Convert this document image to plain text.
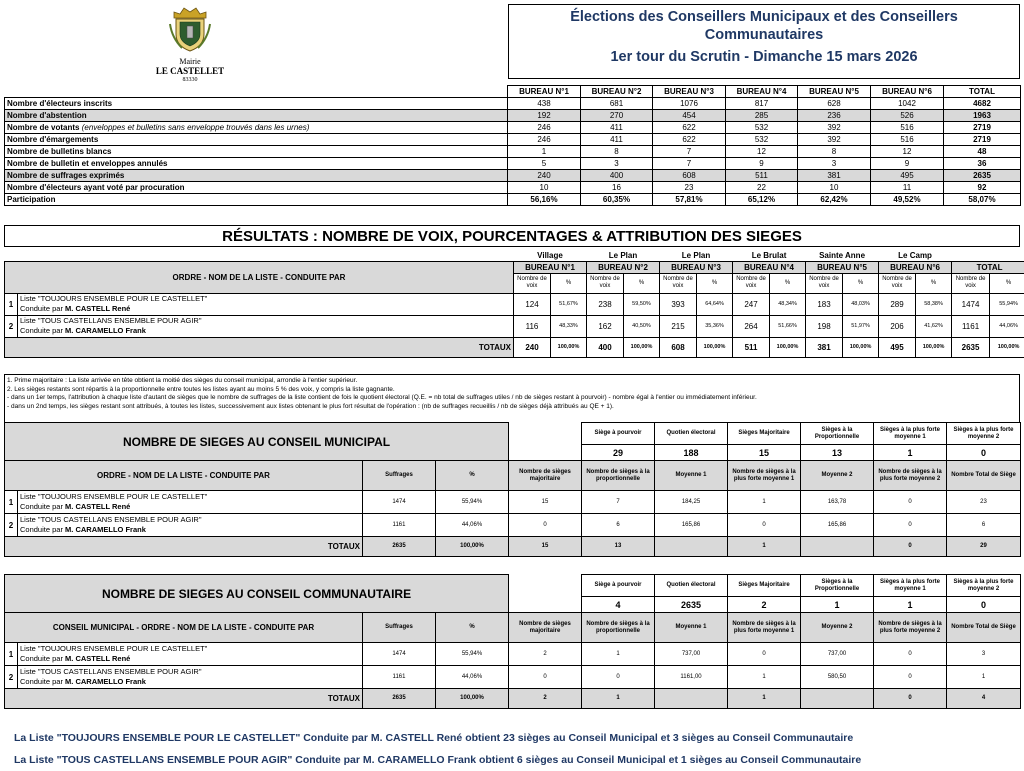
Mairie
LE CASTELLET
83330
Élections des Conseillers Municipaux et des Conseillers
Communautaires
1er tour du Scrutin - Dimanche 15 mars 2026
	BUREAU N°1	BUREAU N°2	BUREAU N°3	BUREAU N°4	BUREAU N°5	BUREAU N°6	TOTAL
Nombre d'électeurs inscrits	438	681	1076	817	628	1042	4682
Nombre d'abstention	192	270	454	285	236	526	1963
Nombre de votants (enveloppes et bulletins sans enveloppe trouvés dans les urnes)	246	411	622	532	392	516	2719
Nombre d'émargements	246	411	622	532	392	516	2719
Nombre de bulletins blancs	1	8	7	12	8	12	48
Nombre de bulletin et enveloppes annulés	5	3	7	9	3	9	36
Nombre de suffrages exprimés	240	400	608	511	381	495	2635
Nombre d'électeurs ayant voté par procuration	10	16	23	22	10	11	92
Participation	56,16%	60,35%	57,81%	65,12%	62,42%	49,52%	58,07%
RÉSULTATS : NOMBRE DE VOIX, POURCENTAGES & ATTRIBUTION DES SIEGES
		Village		Le Plan		Le Plan		Le Brulat		Sainte Anne		Le Camp			
ORDRE - NOM DE LA LISTE - CONDUITE PAR		BUREAU N°1		BUREAU N°2		BUREAU N°3		BUREAU N°4		BUREAU N°5		BUREAU N°6		TOTAL	
		Nombre de voix	%	Nombre de voix	%	Nombre de voix	%	Nombre de voix	%	Nombre de voix	%	Nombre de voix	%	Nombre de voix	%
1	Liste "TOUJOURS ENSEMBLE POUR LE CASTELLET"
Conduite par M. CASTELL René	124	51,67%	238	59,50%	393	64,64%	247	48,34%	183	48,03%	289	58,38%	1474	55,94%
2	Liste "TOUS CASTELLANS ENSEMBLE POUR AGIR"
Conduite par M. CARAMELLO Frank	116	48,33%	162	40,50%	215	35,36%	264	51,66%	198	51,97%	206	41,62%	1161	44,06%
TOTAUX		240	100,00%	400	100,00%	608	100,00%	511	100,00%	381	100,00%	495	100,00%	2635	100,00%
1. Prime majoritaire : La liste arrivée en tête obtient la moitié des sièges du conseil municipal, arrondie à l'entier supérieur.
2. Les sièges restants sont répartis à la proportionnelle entre toutes les listes ayant au moins 5 % des voix, y compris la liste gagnante.
- dans un 1er temps, l'attribution à chaque liste d'autant de sièges que le nombre de suffrages de la liste contient de fois le quotient électoral (Q.E. = nb total de suffrages utiles / nb de sièges restant à pourvoir) - nombre égal à l'entier ou immédiatement inférieur.
- dans un 2nd temps, les sièges restant sont attribués, à toutes les listes, successivement aux listes obtenant le plus fort résultat de l'opération : (nb de suffrages recueillis / nb de sièges déjà attribués au QE + 1).
NOMBRE DE SIEGES AU CONSEIL MUNICIPAL					Siège à pourvoir	Quotien électoral	Sièges Majoritaire	Sièges à la Proportionnelle	Sièges à la plus forte moyenne 1	Sièges à la plus forte moyenne 2
					29	188	15	13	1	0
ORDRE - NOM DE LA LISTE - CONDUITE PAR		Suffrages	%	Nombre de sièges majoritaire	Nombre de sièges à la proportionnelle	Moyenne 1	Nombre de sièges à la plus forte moyenne 1	Moyenne 2	Nombre de sièges à la plus forte moyenne 2	Nombre Total de Siège
1	Liste "TOUJOURS ENSEMBLE POUR LE CASTELLET"
Conduite par M. CASTELL René	1474	55,94%	15	7	184,25	1	163,78	0	23
2	Liste "TOUS CASTELLANS ENSEMBLE POUR AGIR"
Conduite par M. CARAMELLO Frank	1161	44,06%	0	6	165,86	0	165,86	0	6
TOTAUX		2635	100,00%	15	13		1		0	29
NOMBRE DE SIEGES AU CONSEIL COMMUNAUTAIRE					Siège à pourvoir	Quotien électoral	Sièges Majoritaire	Sièges à la Proportionnelle	Sièges à la plus forte moyenne 1	Sièges à la plus forte moyenne 2
					4	2635	2	1	1	0
CONSEIL MUNICIPAL - ORDRE - NOM DE LA LISTE - CONDUITE PAR		Suffrages	%	Nombre de sièges majoritaire	Nombre de sièges à la proportionnelle	Moyenne 1	Nombre de sièges à la plus forte moyenne 1	Moyenne 2	Nombre de sièges à la plus forte moyenne 2	Nombre Total de Siège
1	Liste "TOUJOURS ENSEMBLE POUR LE CASTELLET"
Conduite par M. CASTELL René	1474	55,94%	2	1	737,00	0	737,00	0	3
2	Liste "TOUS CASTELLANS ENSEMBLE POUR AGIR"
Conduite par M. CARAMELLO Frank	1161	44,06%	0	0	1161,00	1	580,50	0	1
TOTAUX		2635	100,00%	2	1		1		0	4
La Liste "TOUJOURS ENSEMBLE POUR LE CASTELLET" Conduite par M. CASTELL René obtient 23 sièges au Conseil Municipal et 3 sièges au Conseil Communautaire
La Liste "TOUS CASTELLANS ENSEMBLE POUR AGIR" Conduite par M. CARAMELLO Frank obtient 6 sièges au Conseil Municipal et 1 sièges au Conseil Communautaire
